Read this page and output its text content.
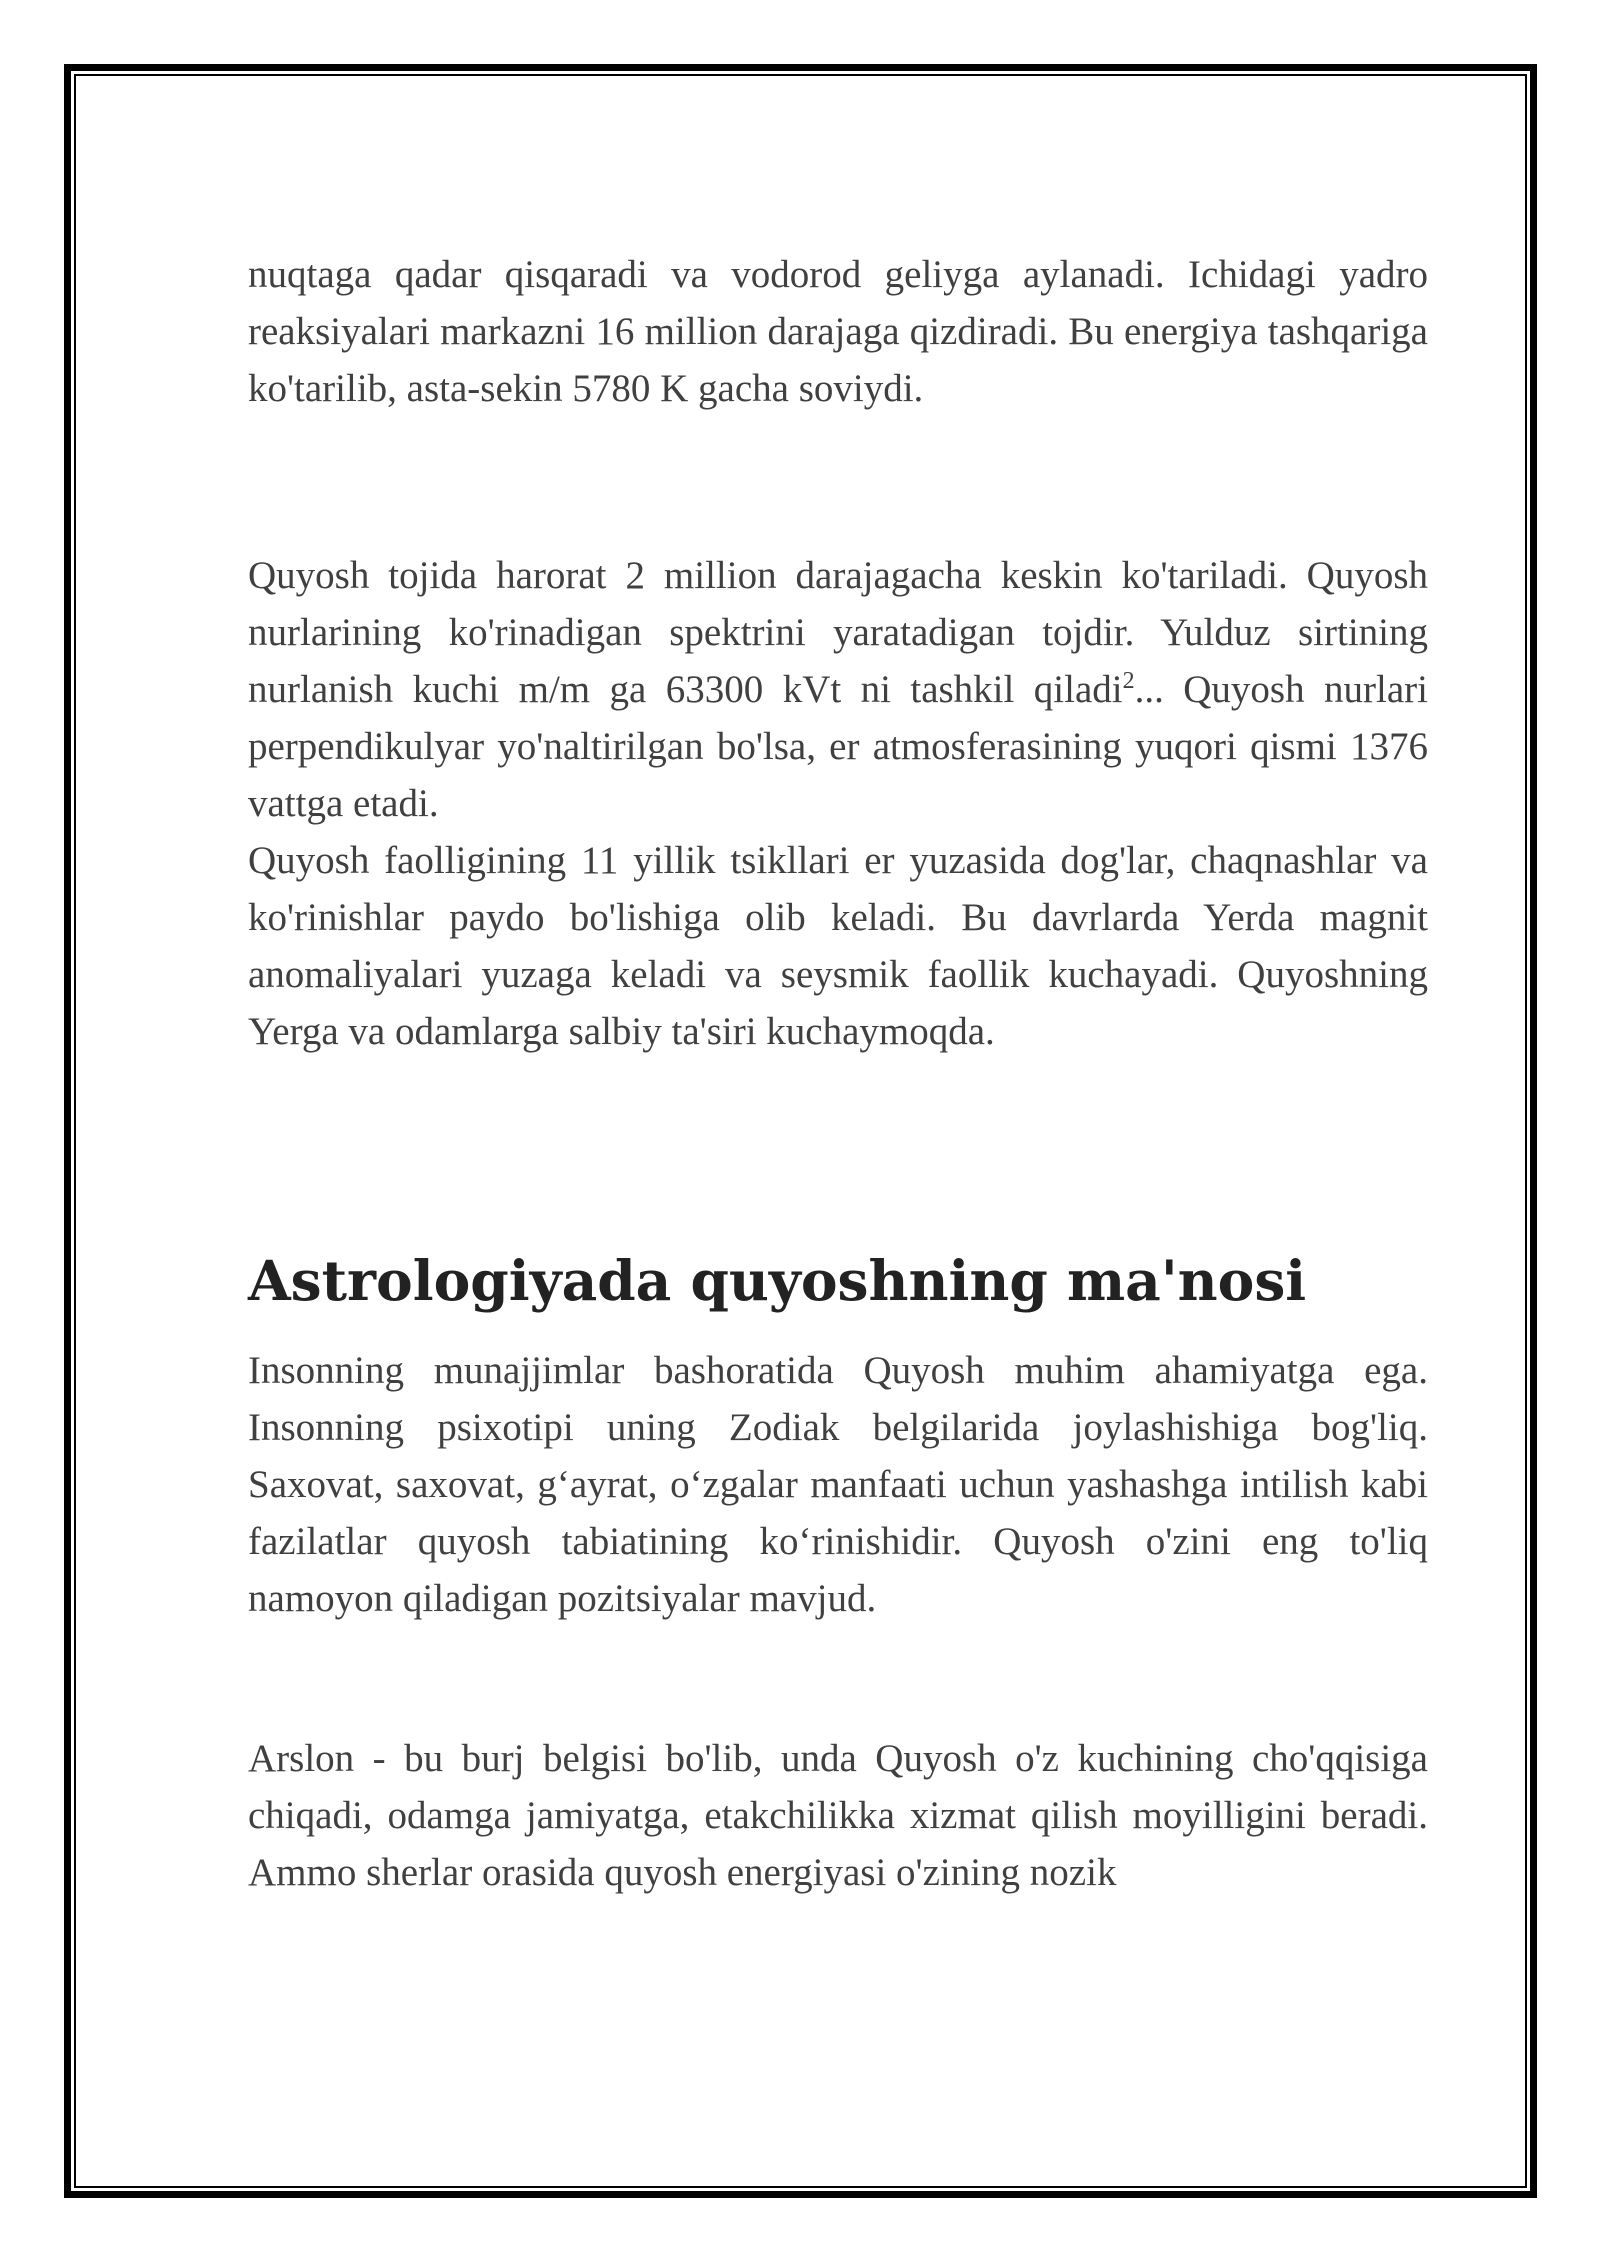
nuqtaga qadar qisqaradi va vodorod geliyga aylanadi. Ichidagi yadro reaksiyalari markazni 16 million darajaga qizdiradi. Bu energiya tashqariga ko'tarilib, asta-sekin 5780 K gacha soviydi.

Quyosh tojida harorat 2 million darajagacha keskin ko'tariladi. Quyosh nurlarining ko'rinadigan spektrini yaratadigan tojdir. Yulduz sirtining nurlanish kuchi m/m ga 63300 kVt ni tashkil qiladi$^2$... Quyosh nurlari perpendikulyar yo'naltirilgan bo'lsa, er atmosferasining yuqori qismi 1376 vattga etadi.

Quyosh faolligining 11 yillik tsikllari er yuzasida dog'lar, chaqnashlar va ko'rinishlar paydo bo'lishiga olib keladi. Bu davrlarda Yerda magnit anomaliyalari yuzaga keladi va seysmik faollik kuchayadi. Quyoshning Yerga va odamlarga salbiy ta'siri kuchaymoqda.

Astrologiyada quyoshning ma'nosi

Insonning munajjimlar bashoratida Quyosh muhim ahamiyatga ega. Insonning psixotipi uning Zodiak belgilarida joylashishiga bog'liq. Saxovat, saxovat, g‘ayrat, o‘zgalar manfaati uchun yashashga intilish kabi fazilatlar quyosh tabiatining ko‘rinishidir. Quyosh o'zini eng to'liq namoyon qiladigan pozitsiyalar mavjud.

Arslon - bu burj belgisi bo'lib, unda Quyosh o'z kuchining cho'qqisiga chiqadi, odamga jamiyatga, etakchilikka xizmat qilish moyilligini beradi. Ammo sherlar orasida quyosh energiyasi o'zining nozik
